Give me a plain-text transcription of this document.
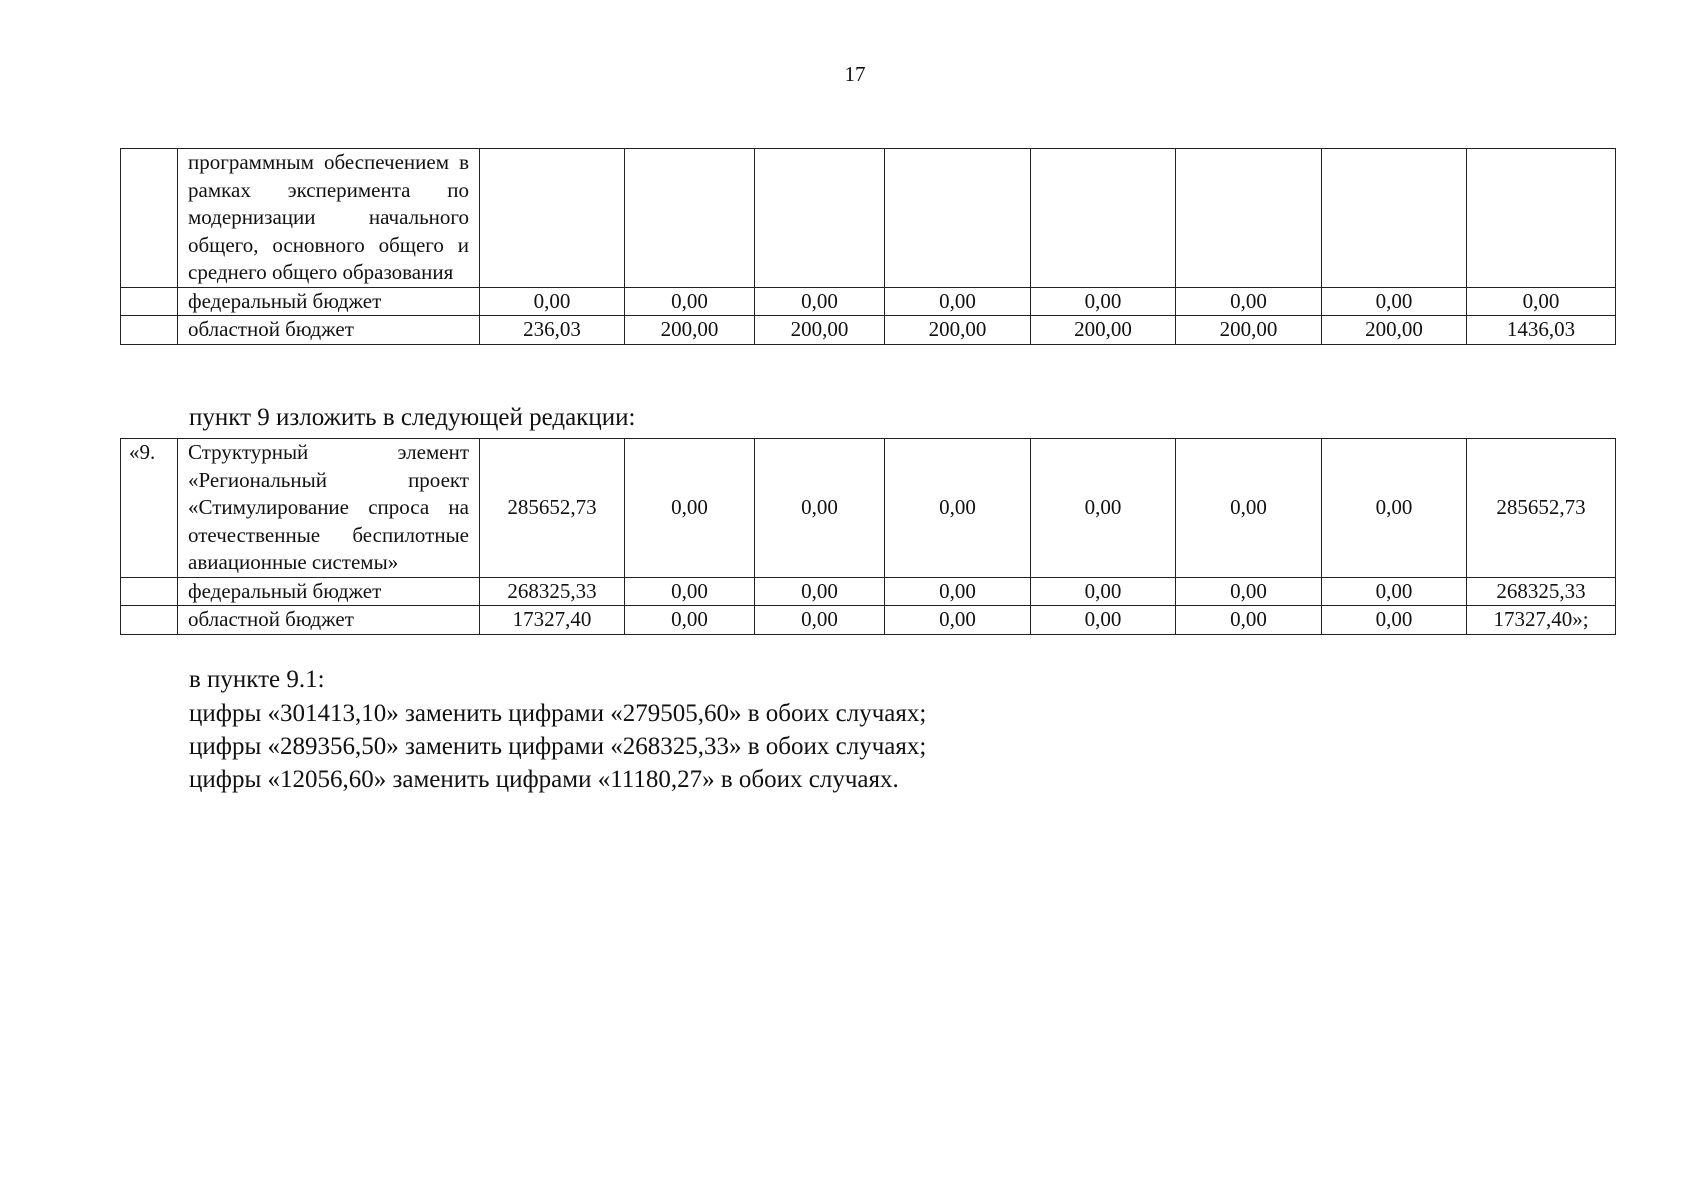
17
	программным обеспечением в рамках эксперимента по модернизации начального общего, основного общего и среднего общего образования								
	федеральный бюджет	0,00	0,00	0,00	0,00	0,00	0,00	0,00	0,00
	областной бюджет	236,03	200,00	200,00	200,00	200,00	200,00	200,00	1436,03
пункт 9 изложить в следующей редакции:
«9.	Структурный элемент «Региональный проект «Стимулирование спроса на отечественные беспилотные авиационные системы»	285652,73	0,00	0,00	0,00	0,00	0,00	0,00	285652,73
	федеральный бюджет	268325,33	0,00	0,00	0,00	0,00	0,00	0,00	268325,33
	областной бюджет	17327,40	0,00	0,00	0,00	0,00	0,00	0,00	17327,40»;
в пункте 9.1:
цифры «301413,10» заменить цифрами «279505,60» в обоих случаях;
цифры «289356,50» заменить цифрами «268325,33» в обоих случаях;
цифры «12056,60» заменить цифрами «11180,27» в обоих случаях.
